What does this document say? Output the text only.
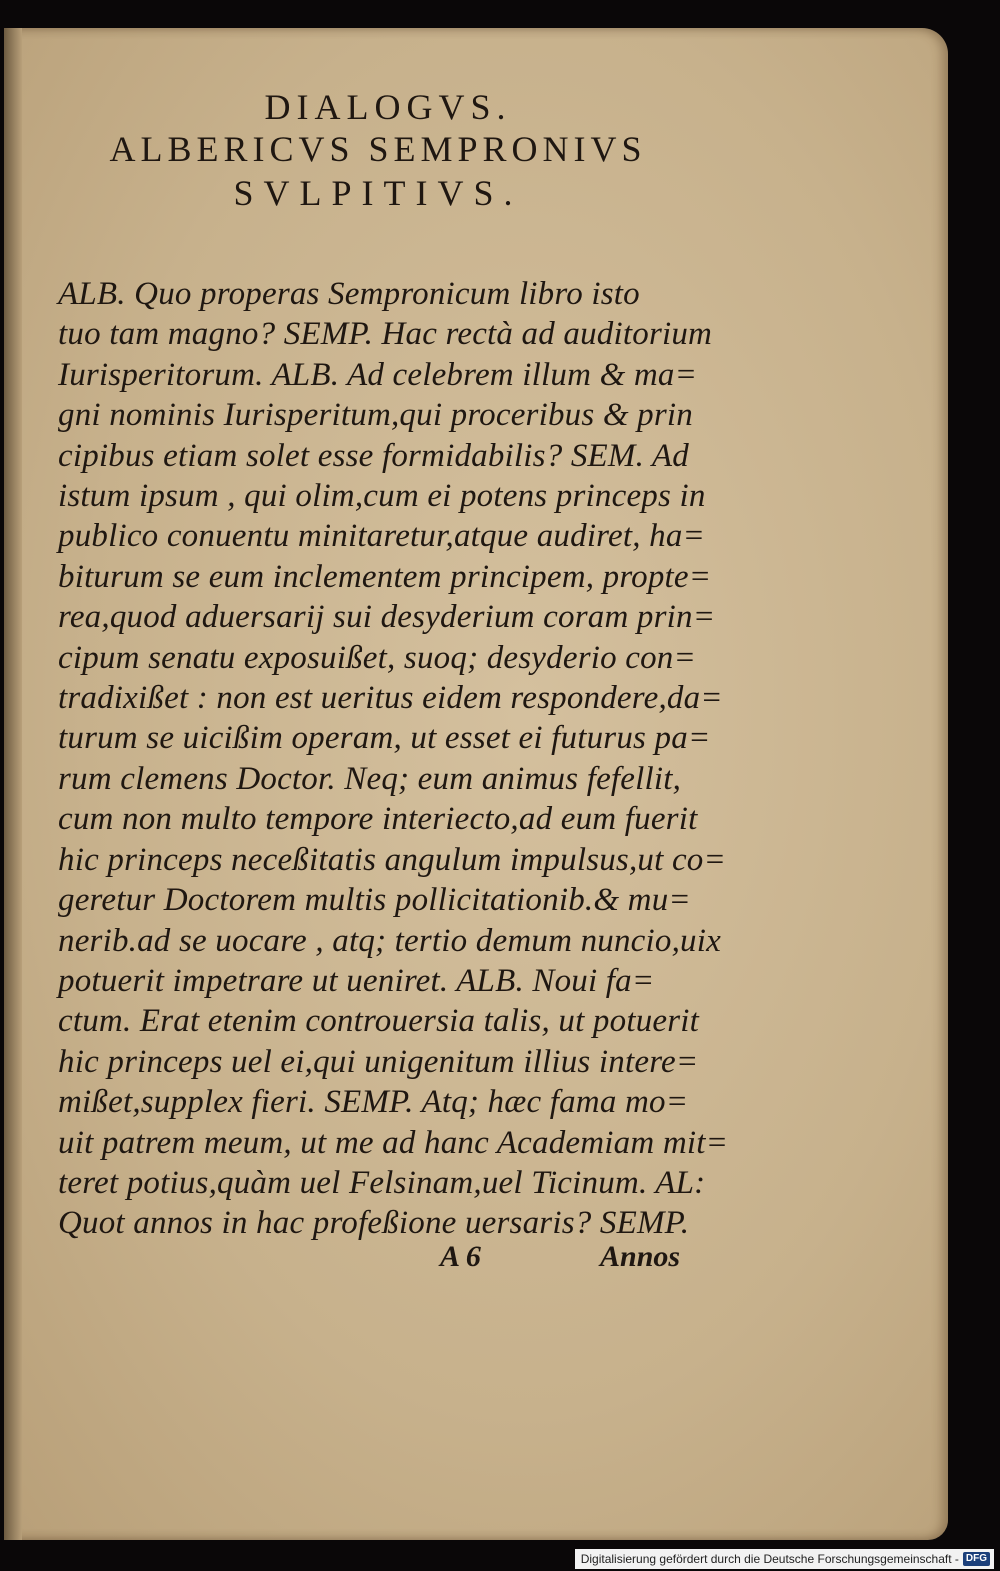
DIALOGVS.
ALBERICVS SEMPRONIVS
SVLPITIVS.
ALB. Quo properas Sempronicum libro isto
tuo tam magno? SEMP. Hac rectà ad auditorium
Iurisperitorum. ALB. Ad celebrem illum & ma=
gni nominis Iurisperitum,qui proceribus & prin
cipibus etiam solet esse formidabilis? SEM. Ad
istum ipsum , qui olim,cum ei potens princeps in
publico conuentu minitaretur,atque audiret, ha=
biturum se eum inclementem principem, propte=
rea,quod aduersarij sui desyderium coram prin=
cipum senatu exposuißet, suoq; desyderio con=
tradixißet : non est ueritus eidem respondere,da=
turum se uicißim operam, ut esset ei futurus pa=
rum clemens Doctor. Neq; eum animus fefellit,
cum non multo tempore interiecto,ad eum fuerit
hic princeps neceßitatis angulum impulsus,ut co=
geretur Doctorem multis pollicitationib.& mu=
nerib.ad se uocare , atq; tertio demum nuncio,uix
potuerit impetrare ut ueniret. ALB. Noui fa=
ctum. Erat etenim controuersia talis, ut potuerit
hic princeps uel ei,qui unigenitum illius intere=
mißet,supplex fieri. SEMP. Atq; hæc fama mo=
uit patrem meum, ut me ad hanc Academiam mit=
teret potius,quàm uel Felsinam,uel Ticinum. AL:
Quot annos in hac profeßione uersaris? SEMP.
A 6	Annos
Digitalisierung gefördert durch die Deutsche Forschungsgemeinschaft - DFG
